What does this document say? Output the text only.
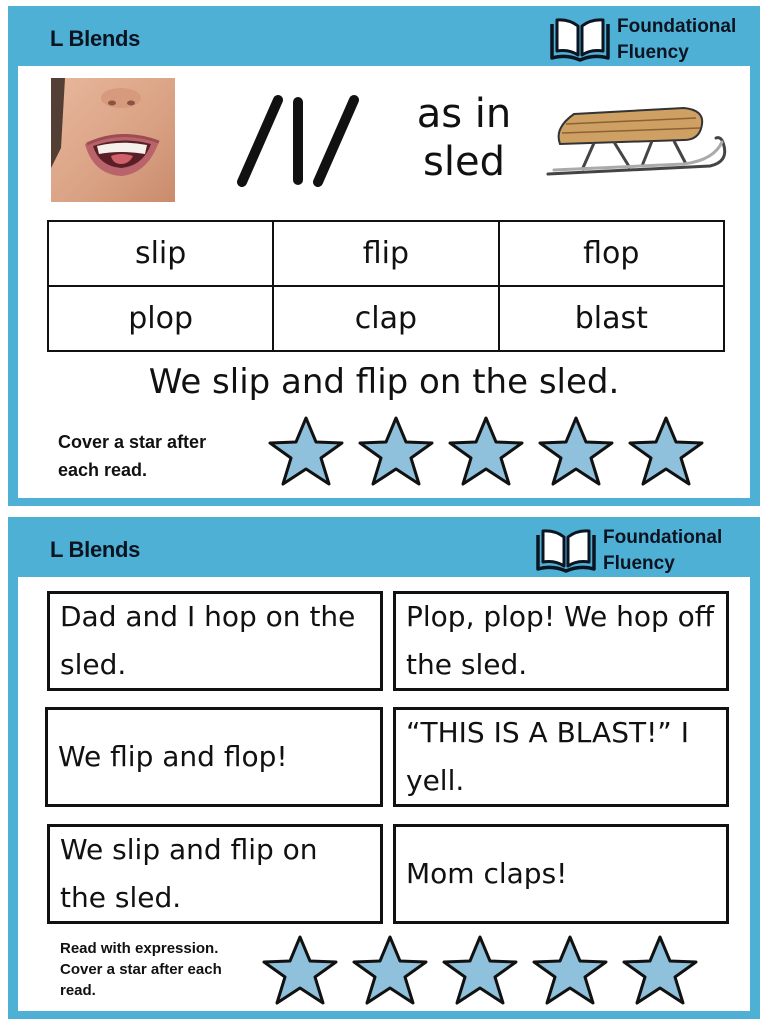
L Blends	Foundational
Fluency
as in sled
slip	flip	flop
plop	clap	blast
We slip and flip on the sled.
Cover a star after each read.
L Blends	Foundational
Fluency
Dad and I hop on the sled.
Plop, plop! We hop off the sled.
We flip and flop!
“THIS IS A BLAST!” I yell.
We slip and flip on the sled.
Mom claps!
Read with expression. Cover a star after each read.
